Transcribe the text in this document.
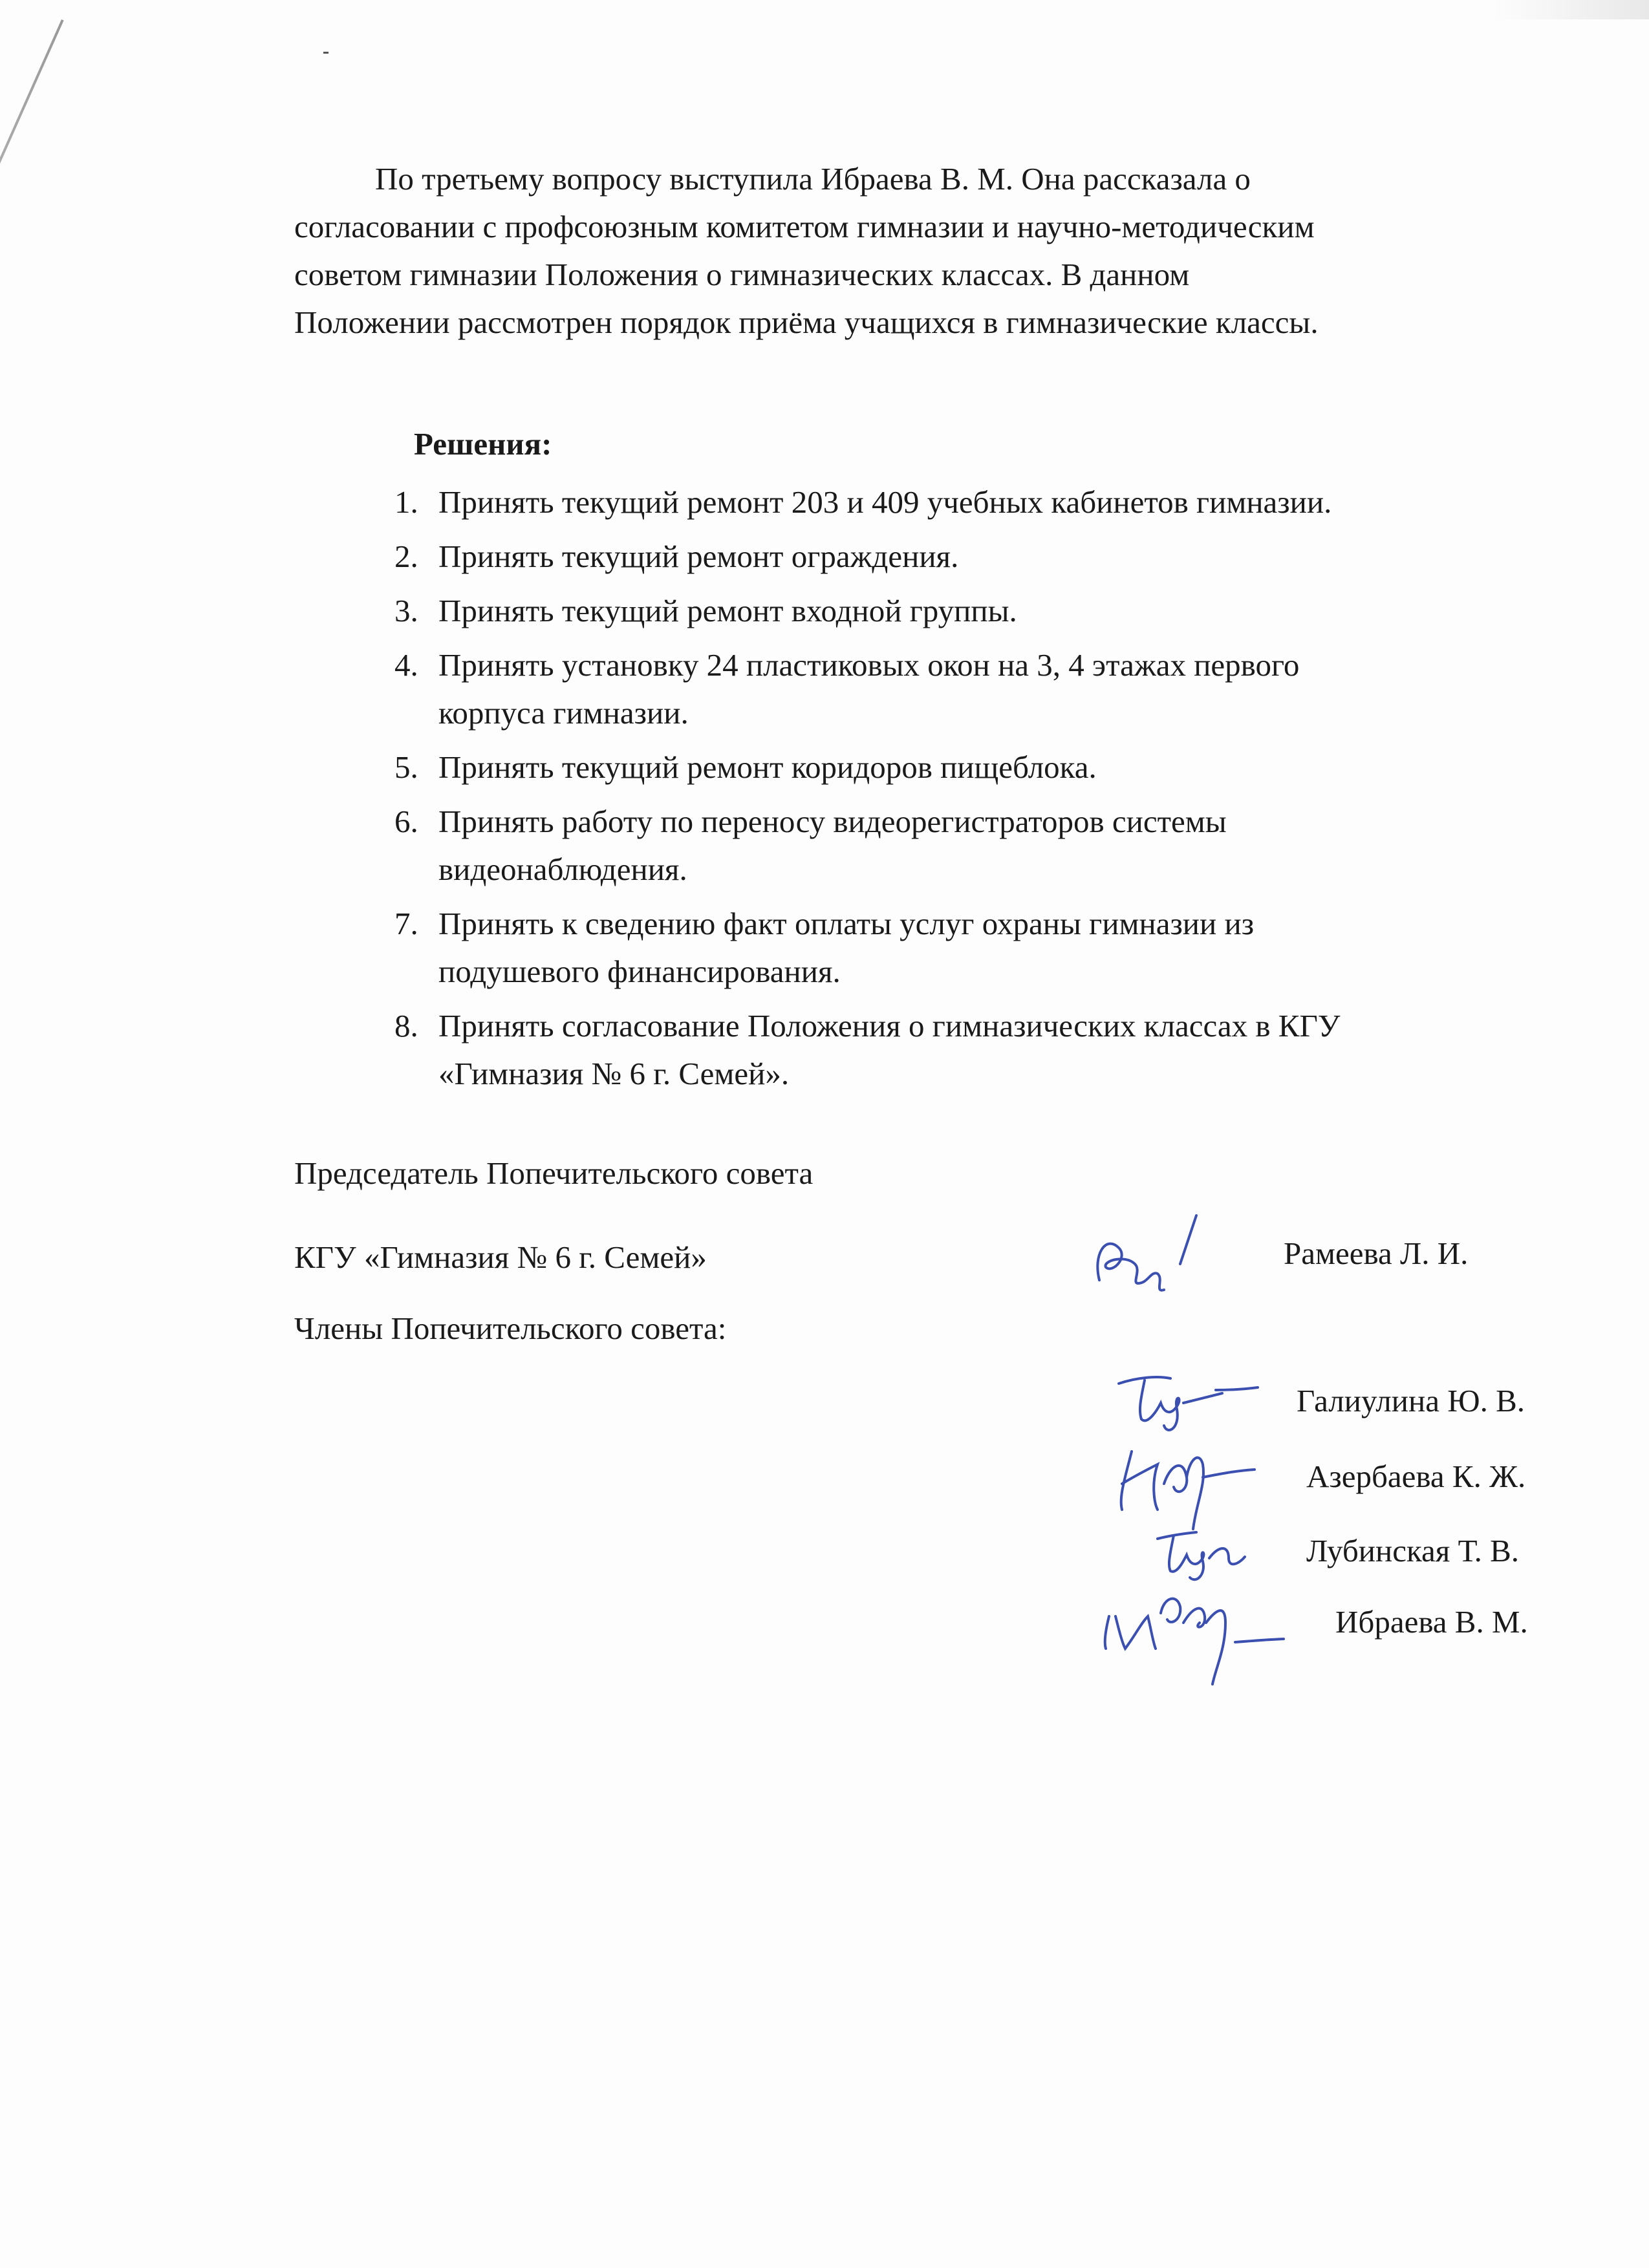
По третьему вопросу выступила Ибраева В. М. Она рассказала о
согласовании с профсоюзным комитетом гимназии и научно-методическим
советом гимназии Положения о гимназических классах. В данном
Положении рассмотрен порядок приёма учащихся в гимназические классы.

Решения:
1. Принять текущий ремонт 203 и 409 учебных кабинетов гимназии.
2. Принять текущий ремонт ограждения.
3. Принять текущий ремонт входной группы.
4. Принять установку 24 пластиковых окон на 3, 4 этажах первого
корпуса гимназии.
5. Принять текущий ремонт коридоров пищеблока.
6. Принять работу по переносу видеорегистраторов системы
видеонаблюдения.
7. Принять к сведению факт оплаты услуг охраны гимназии из
подушевого финансирования.
8. Принять согласование Положения о гимназических классах в КГУ
«Гимназия № 6 г. Семей».
Председатель Попечительского совета
КГУ «Гимназия № 6 г. Семей»
Члены Попечительского совета:
Рамеева Л. И.
Галиулина Ю. В.
Азербаева К. Ж.
Лубинская Т. В.
Ибраева В. М.
